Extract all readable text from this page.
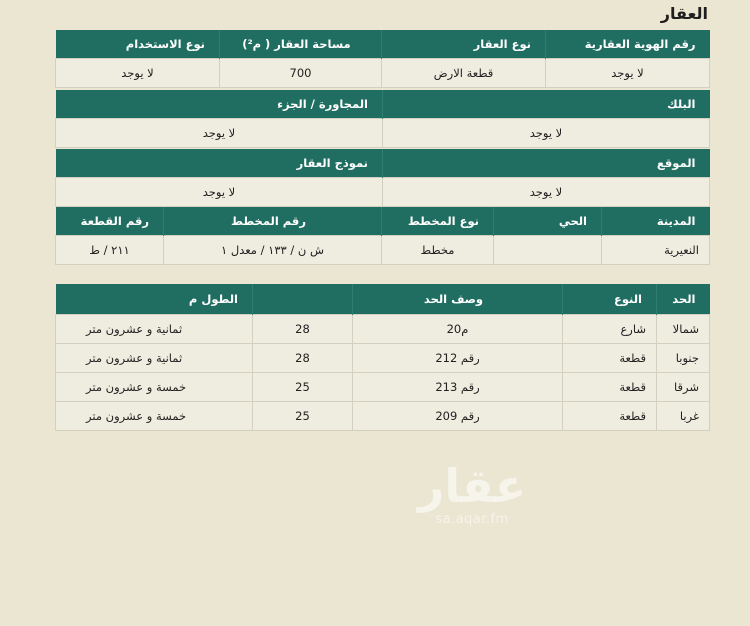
العقار
رقم الهوية العقارية	نوع العقار	مساحة العقار ( م²)	نوع الاستخدام
لا يوجد	قطعة الارض	700	لا يوجد
البلك	المجاورة / الجزء
لا يوجد	لا يوجد
الموقع	نموذج العقار
لا يوجد	لا يوجد
المدينة	الحي	نوع المخطط	رقم المخطط	رقم القطعة
النعيرية		مخطط	ش ن / ١٣٣ / معدل ١	٢١١ / ط
الحد	النوع	وصف الحد		الطول م
شمالا	شارع	م20	28	ثمانية و عشرون متر
جنوبا	قطعة	رقم 212	28	ثمانية و عشرون متر
شرقا	قطعة	رقم 213	25	خمسة و عشرون متر
غربا	قطعة	رقم 209	25	خمسة و عشرون متر
عقار
sa.aqar.fm
